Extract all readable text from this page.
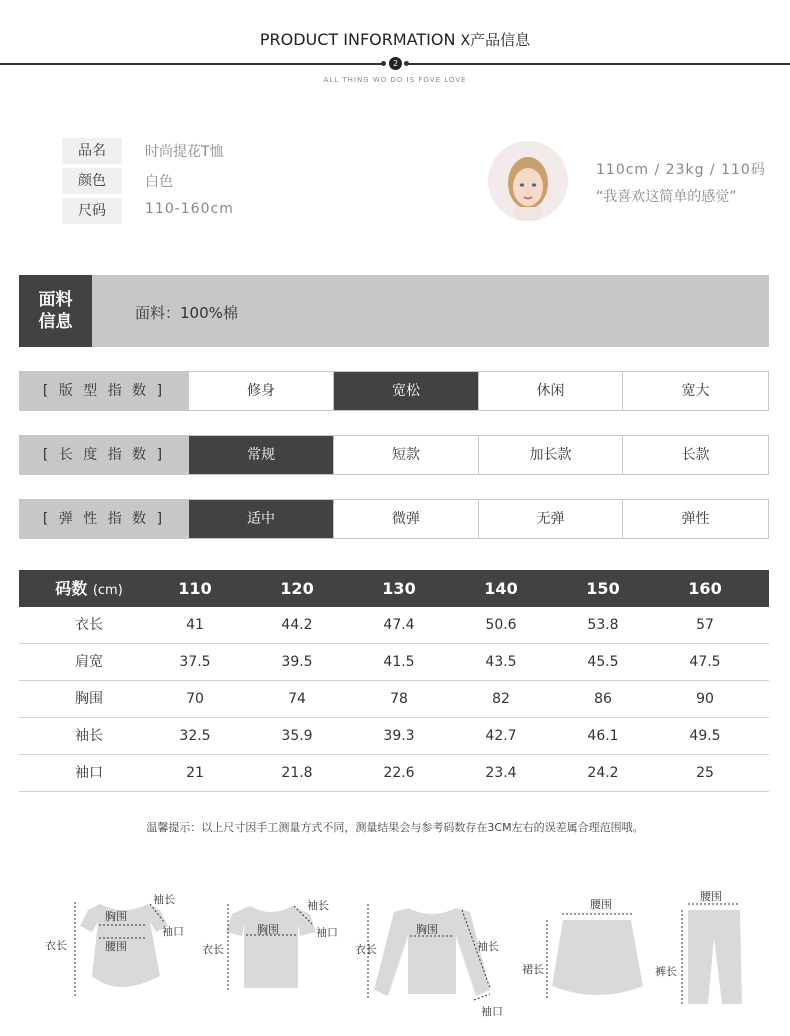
PRODUCT INFORMATION X产品信息
2
ALL THING WO DO IS FOVE LOVE
品名	时尚提花T恤
颜色	白色
尺码	110-160cm
110cm / 23kg / 110码
“我喜欢这简单的感觉”
面料
信息	面料：100%棉
[ 版 型 指 数 ]	修身	宽松	休闲	宽大
[ 长 度 指 数 ]	常规	短款	加长款	长款
[ 弹 性 指 数 ]	适中	微弹	无弹	弹性
码数 (cm)	110	120	130	140	150	160
衣长	41	44.2	47.4	50.6	53.8	57
肩宽	37.5	39.5	41.5	43.5	45.5	47.5
胸围	70	74	78	82	86	90
袖长	32.5	35.9	39.3	42.7	46.1	49.5
袖口	21	21.8	22.6	23.4	24.2	25
温馨提示：以上尺寸因手工测量方式不同，测量结果会与参考码数存在3CM左右的误差属合理范围哦。
袖长
胸围
袖口
衣长	腰围
袖长
胸围	袖口
衣长
胸围
袖长
衣长
袖口
腰围
裙长
腰围
裤长
